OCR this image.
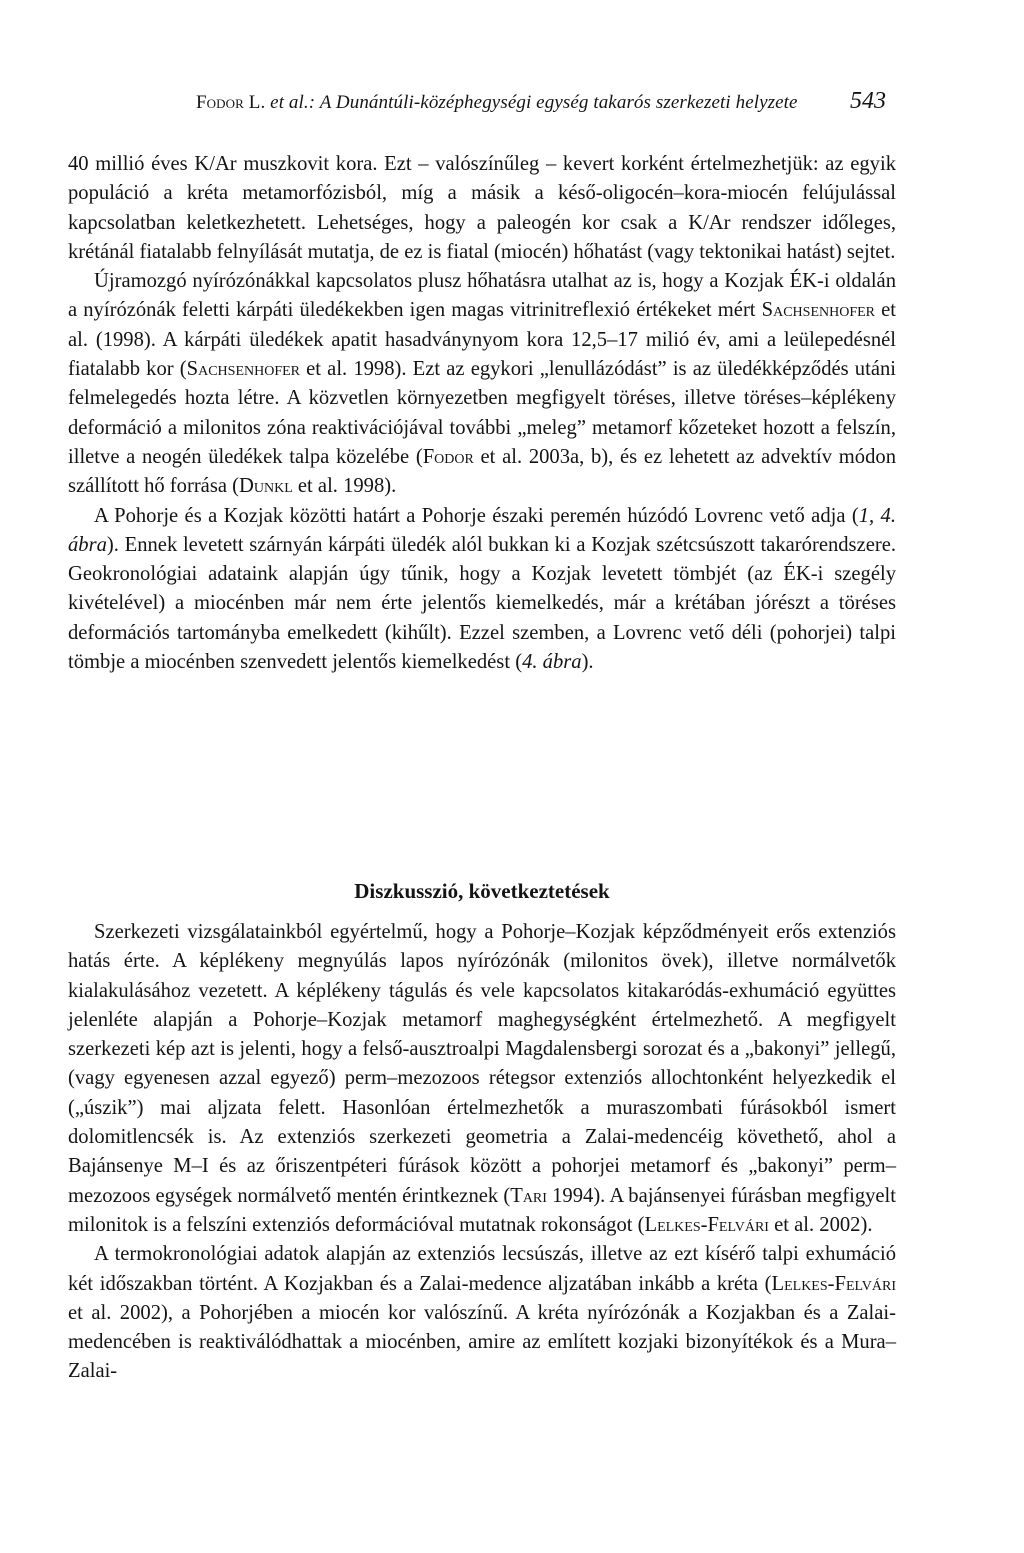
Fodor L. et al.: A Dunántúli-középhegységi egység takarós szerkezeti helyzete 543

40 millió éves K/Ar muszkovit kora. Ezt – valószínűleg – kevert korként értelmezhetjük: az egyik populáció a kréta metamorfózisból, míg a másik a késő-oligocén–kora-miocén felújulással kapcsolatban keletkezhetett. Lehetséges, hogy a paleogén kor csak a K/Ar rendszer időleges, krétánál fiatalabb felnyílását mutatja, de ez is fiatal (miocén) hőhatást (vagy tektonikai hatást) sejtet.

Újramozgó nyírózónákkal kapcsolatos plusz hőhatásra utalhat az is, hogy a Kozjak ÉK-i oldalán a nyírózónák feletti kárpáti üledékekben igen magas vitrinitreflexió értékeket mért Sachsenhofer et al. (1998). A kárpáti üledékek apatit hasadványnyom kora 12,5–17 milió év, ami a leülepedésnél fiatalabb kor (Sachsenhofer et al. 1998). Ezt az egykori „lenullázódást” is az üledékképződés utáni felmelegedés hozta létre. A közvetlen környezetben megfigyelt töréses, illetve töréses–képlékeny deformáció a milonitos zóna reaktivációjával további „meleg” metamorf kőzeteket hozott a felszín, illetve a neogén üledékek talpa közelébe (Fodor et al. 2003a, b), és ez lehetett az advektív módon szállított hő forrása (Dunkl et al. 1998).

A Pohorje és a Kozjak közötti határt a Pohorje északi peremén húzódó Lovrenc vető adja (1, 4. ábra). Ennek levetett szárnyán kárpáti üledék alól bukkan ki a Kozjak szétcsúszott takarórendszere. Geokronológiai adataink alapján úgy tűnik, hogy a Kozjak levetett tömbjét (az ÉK-i szegély kivételével) a miocénben már nem érte jelentős kiemelkedés, már a krétában jórészt a töréses deformációs tartományba emelkedett (kihűlt). Ezzel szemben, a Lovrenc vető déli (pohorjei) talpi tömbje a miocénben szenvedett jelentős kiemelkedést (4. ábra).

Diszkusszió, következtetések

Szerkezeti vizsgálatainkból egyértelmű, hogy a Pohorje–Kozjak képződményeit erős extenziós hatás érte. A képlékeny megnyúlás lapos nyírózónák (milonitos övek), illetve normálvetők kialakulásához vezetett. A képlékeny tágulás és vele kapcsolatos kitakaródás-exhumáció együttes jelenléte alapján a Pohorje–Kozjak metamorf maghegységként értelmezhető. A megfigyelt szerkezeti kép azt is jelenti, hogy a felső-ausztroalpi Magdalensbergi sorozat és a „bakonyi” jellegű, (vagy egyenesen azzal egyező) perm–mezozoos rétegsor extenziós allochtonként helyezkedik el („úszik”) mai aljzata felett. Hasonlóan értelmezhetők a muraszombati fúrásokból ismert dolomitlencsék is. Az extenziós szerkezeti geometria a Zalai-medencéig követhető, ahol a Bajánsenye M–I és az őriszentpéteri fúrások között a pohorjei metamorf és „bakonyi” perm–mezozoos egységek normálvető mentén érintkeznek (Tari 1994). A bajánsenyei fúrásban megfigyelt milonitok is a felszíni extenziós deformációval mutatnak rokonságot (Lelkes-Felvári et al. 2002).

A termokronológiai adatok alapján az extenziós lecsúszás, illetve az ezt kísérő talpi exhumáció két időszakban történt. A Kozjakban és a Zalai-medence aljzatában inkább a kréta (Lelkes-Felvári et al. 2002), a Pohorjében a miocén kor valószínű. A kréta nyírózónák a Kozjakban és a Zalai-medencében is reaktiválódhattak a miocénben, amire az említett kozjaki bizonyítékok és a Mura–Zalai-
